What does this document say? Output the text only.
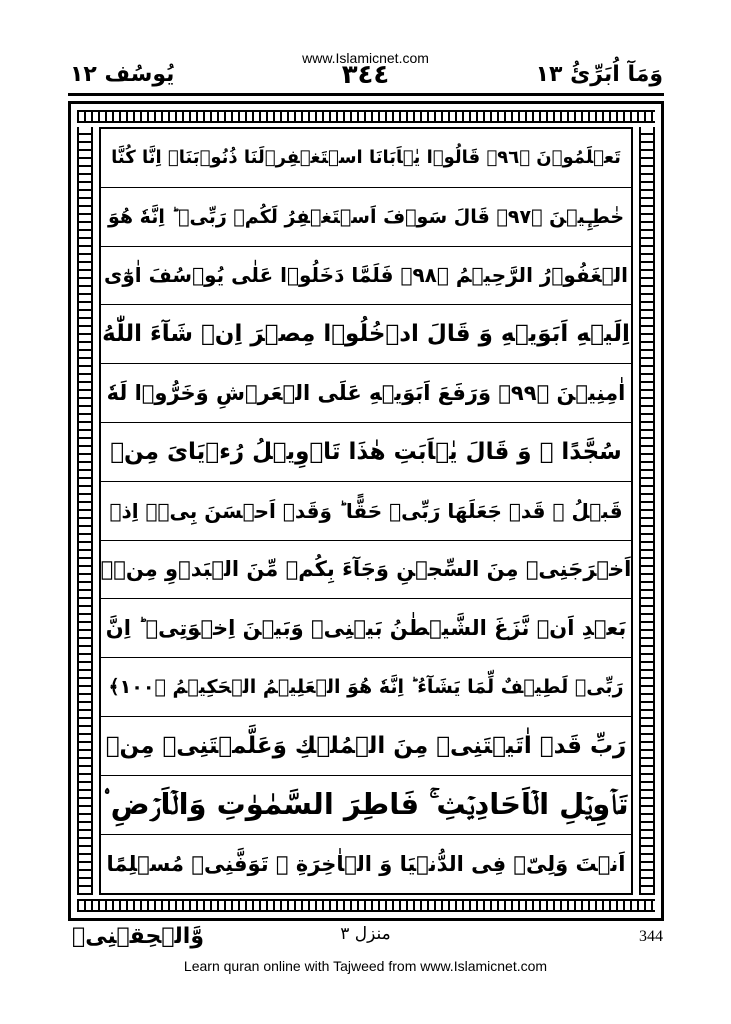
www.Islamicnet.com
وَمَآ اُبَرِّئُ ١٣
٣٤٤
يُوسُف ١٢
تَعۡلَمُوۡنَ ﴿٩٦﴾ قَالُوۡا يٰۤاَبَانَا اسۡتَغۡفِرۡلَنَا ذُنُوۡبَنَاۤ اِنَّا كُنَّا
خٰطِـِٕيۡنَ ﴿٩٧﴾ قَالَ سَوۡفَ اَسۡتَغۡفِرُ لَكُمۡ رَبِّىۡ ؕ اِنَّهٗ هُوَ
الۡغَفُوۡرُ الرَّحِيۡمُ ﴿٩٨﴾ فَلَمَّا دَخَلُوۡا عَلٰى يُوۡسُفَ اٰوٰٓى
اِلَيۡهِ اَبَوَيۡهِ وَ قَالَ ادۡخُلُوۡا مِصۡرَ اِنۡ شَآءَ اللّٰهُ
اٰمِنِيۡنَ ﴿٩٩﴾ وَرَفَعَ اَبَوَيۡهِ عَلَى الۡعَرۡشِ وَخَرُّوۡا لَهٗ
سُجَّدًا ۚ وَ قَالَ يٰۤاَبَتِ هٰذَا تَاۡوِيۡلُ رُءۡيَاىَ مِنۡ
قَبۡلُ ۫ قَدۡ جَعَلَهَا رَبِّىۡ حَقًّا ؕ وَقَدۡ اَحۡسَنَ بِىۡۤ اِذۡ
اَخۡرَجَنِىۡ مِنَ السِّجۡنِ وَجَآءَ بِكُمۡ مِّنَ الۡبَدۡوِ مِنۡۢ
بَعۡدِ اَنۡ نَّزَغَ الشَّيۡطٰنُ بَيۡنِىۡ وَبَيۡنَ اِخۡوَتِىۡ ؕ اِنَّ
رَبِّىۡ لَطِيۡفٌ لِّمَا يَشَآءُ ؕ اِنَّهٗ هُوَ الۡعَلِيۡمُ الۡحَكِيۡمُ ﴿١٠٠﴾
رَبِّ قَدۡ اٰتَيۡتَنِىۡ مِنَ الۡمُلۡكِ وَعَلَّمۡتَنِىۡ مِنۡ
تَاۡوِيۡلِ الۡاَحَادِيۡثِ ۚ فَاطِرَ السَّمٰوٰتِ وَالۡاَرۡضِ ۟
اَنۡتَ وَلِىّٖ فِى الدُّنۡيَا وَ الۡاٰخِرَةِ ۚ تَوَفَّنِىۡ مُسۡلِمًا
وَّالۡحِقۡنِىۡ	منزل ٣	344
Learn quran online with Tajweed from www.Islamicnet.com
